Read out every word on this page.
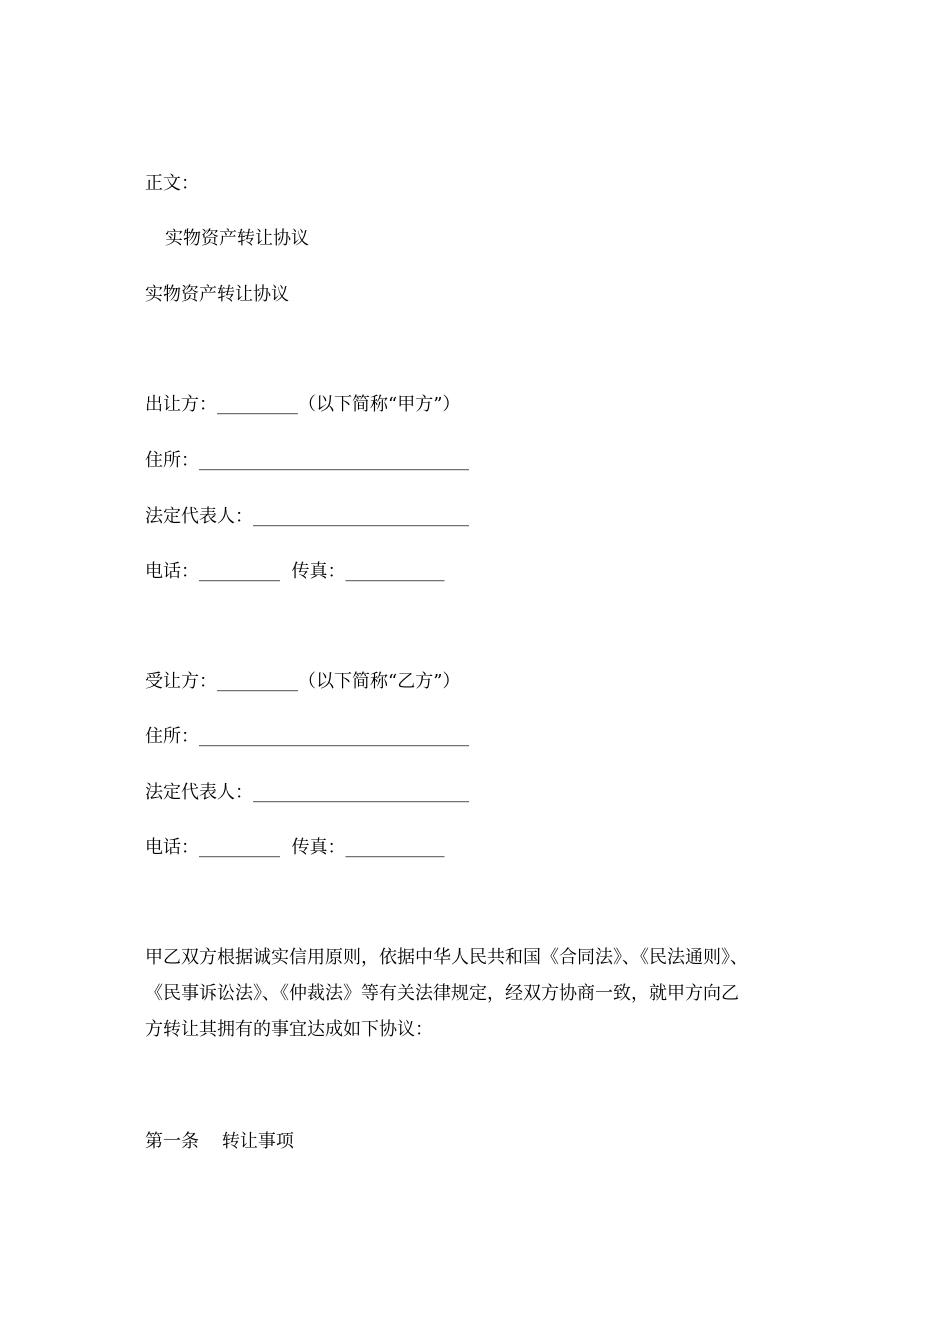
正文：
实物资产转让协议
实物资产转让协议
出让方：_________（以下简称“甲方”）
住所：______________________________
法定代表人：________________________
电话：_________  传真：___________
受让方：_________（以下简称“乙方”）
住所：______________________________
法定代表人：________________________
电话：_________  传真：___________
甲乙双方根据诚实信用原则，依据中华人民共和国《合同法》、《民法通则》、
《民事诉讼法》、《仲裁法》等有关法律规定，经双方协商一致，就甲方向乙
方转让其拥有的事宜达成如下协议：
第一条    转让事项
